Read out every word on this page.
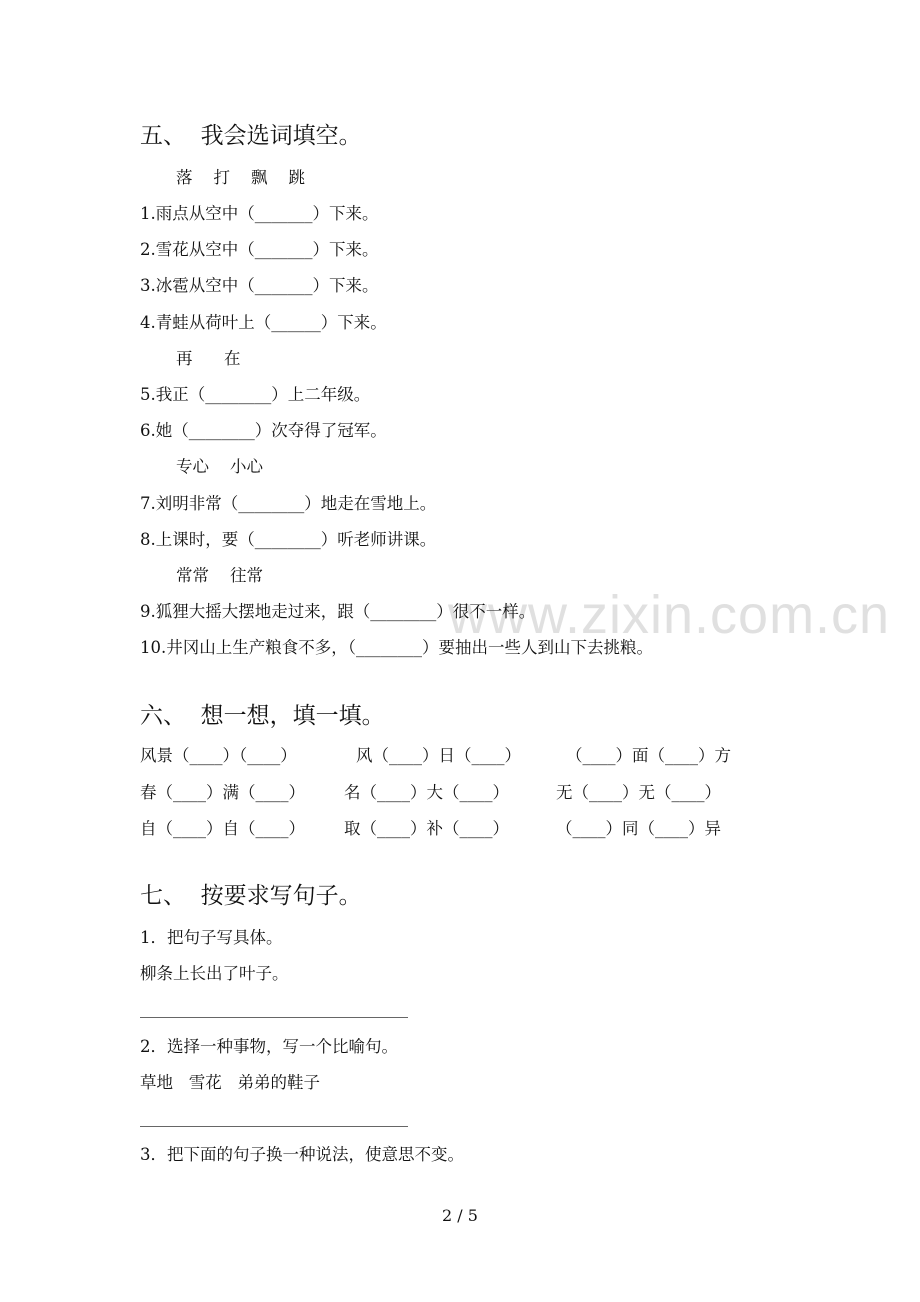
www.zixin.com.cn
五、  我会选词填空。
落    打    飘    跳
1.雨点从空中（_______）下来。
2.雪花从空中（_______）下来。
3.冰雹从空中（_______）下来。
4.青蛙从荷叶上（______）下来。
再      在
5.我正（________）上二年级。
6.她（________）次夺得了冠军。
专心    小心
7.刘明非常（________）地走在雪地上。
8.上课时，要（________）听老师讲课。
常常    往常
9.狐狸大摇大摆地走过来，跟（________）很不一样。
10.井冈山上生产粮食不多，（________）要抽出一些人到山下去挑粮。
六、  想一想，填一填。
风景（____）（____）	风（____）日（____）	（____）面（____）方
春（____）满（____） 名（____）大（____）	无（____）无（____）
自（____）自（____） 取（____）补（____）	（____）同（____）异
七、  按要求写句子。
1．把句子写具体。
柳条上长出了叶子。
2．选择一种事物，写一个比喻句。
草地   雪花   弟弟的鞋子
3．把下面的句子换一种说法，使意思不变。
2 / 5
